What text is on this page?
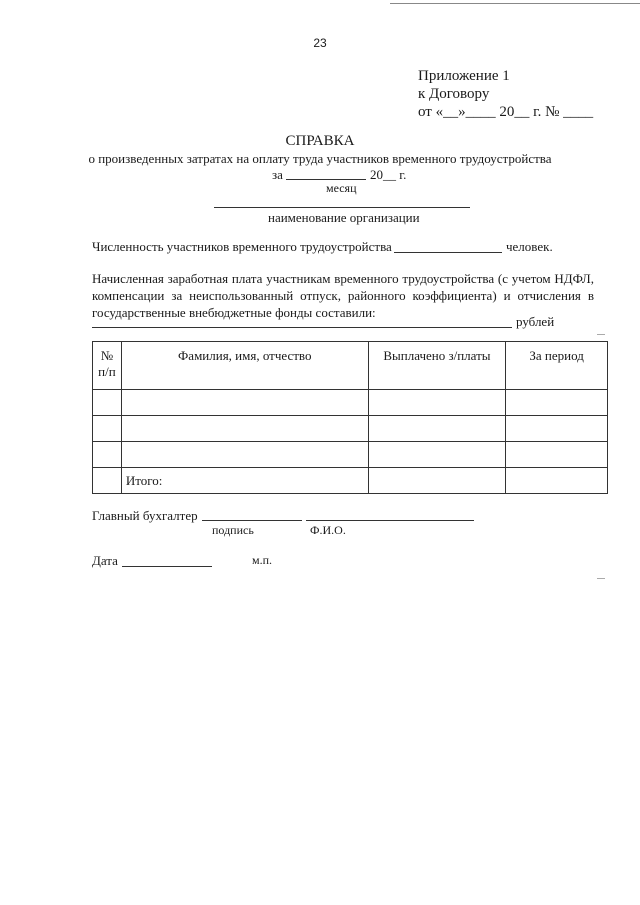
23
Приложение 1
к Договору
от «__»____ 20__ г. № ____
СПРАВКА
о произведенных затратах на оплату труда участников временного трудоустройства
за	20__ г.
месяц
наименование организации
Численность участников временного трудоустройства	человек.
Начисленная заработная плата участникам временного трудоустройства (с учетом НДФЛ, компенсации за неиспользованный отпуск, районного коэффициента) и отчисления в государственные внебюджетные фонды составили:
рублей
№ п/п	Фамилия, имя, отчество	Выплачено з/платы	За период

	Итого:		
Главный бухгалтер
подпись	Ф.И.О.
Дата	м.п.
